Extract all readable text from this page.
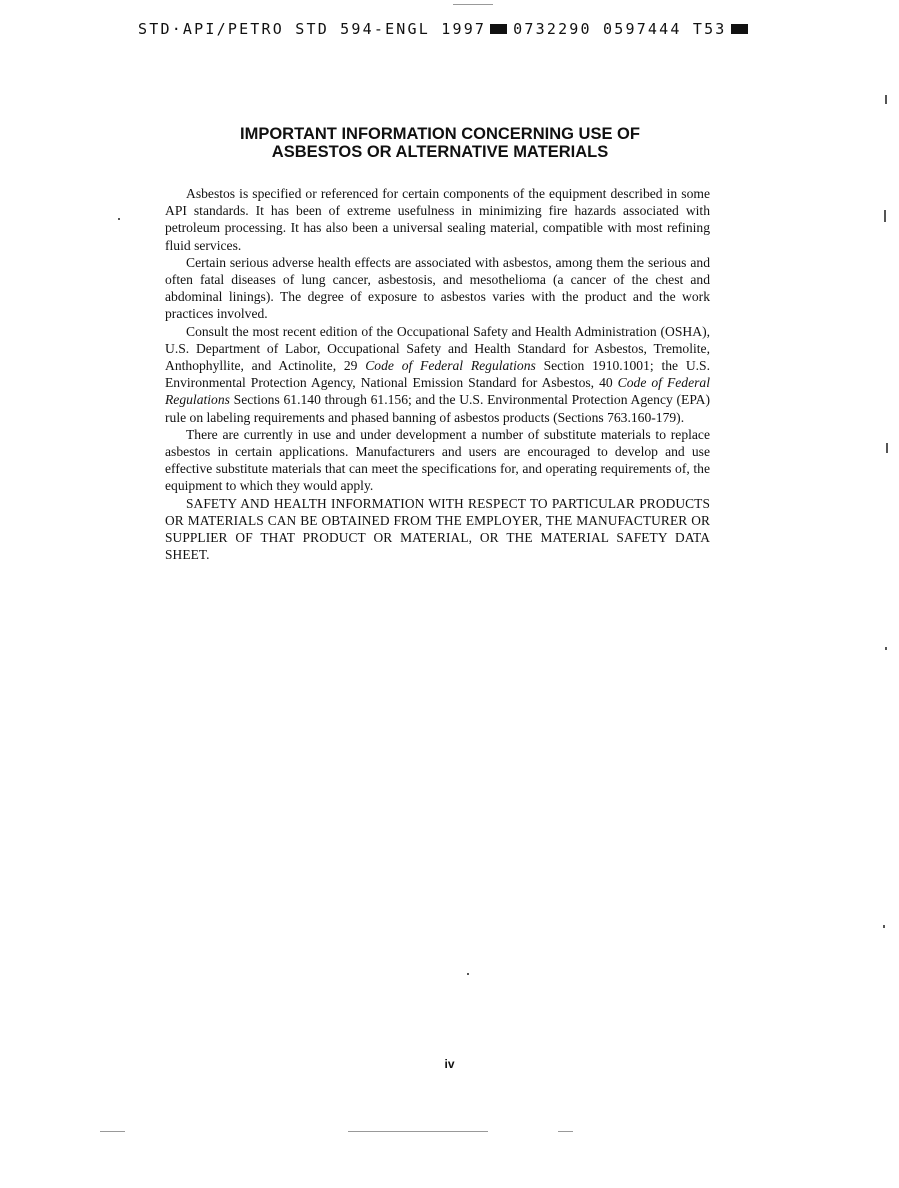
STD·API/PETRO STD 594-ENGL 1997 0732290 0597444 T53
IMPORTANT INFORMATION CONCERNING USE OF
ASBESTOS OR ALTERNATIVE MATERIALS

Asbestos is specified or referenced for certain components of the equipment described in some API standards. It has been of extreme usefulness in minimizing fire hazards associated with petroleum processing. It has also been a universal sealing material, compatible with most refining fluid services.

Certain serious adverse health effects are associated with asbestos, among them the serious and often fatal diseases of lung cancer, asbestosis, and mesothelioma (a cancer of the chest and abdominal linings). The degree of exposure to asbestos varies with the product and the work practices involved.

Consult the most recent edition of the Occupational Safety and Health Administration (OSHA), U.S. Department of Labor, Occupational Safety and Health Standard for Asbestos, Tremolite, Anthophyllite, and Actinolite, 29 Code of Federal Regulations Section 1910.1001; the U.S. Environmental Protection Agency, National Emission Standard for Asbestos, 40 Code of Federal Regulations Sections 61.140 through 61.156; and the U.S. Environmental Protection Agency (EPA) rule on labeling requirements and phased banning of asbestos products (Sections 763.160-179).

There are currently in use and under development a number of substitute materials to replace asbestos in certain applications. Manufacturers and users are encouraged to develop and use effective substitute materials that can meet the specifications for, and operating requirements of, the equipment to which they would apply.

SAFETY AND HEALTH INFORMATION WITH RESPECT TO PARTICULAR PRODUCTS OR MATERIALS CAN BE OBTAINED FROM THE EMPLOYER, THE MANUFACTURER OR SUPPLIER OF THAT PRODUCT OR MATERIAL, OR THE MATERIAL SAFETY DATA SHEET.

iv
